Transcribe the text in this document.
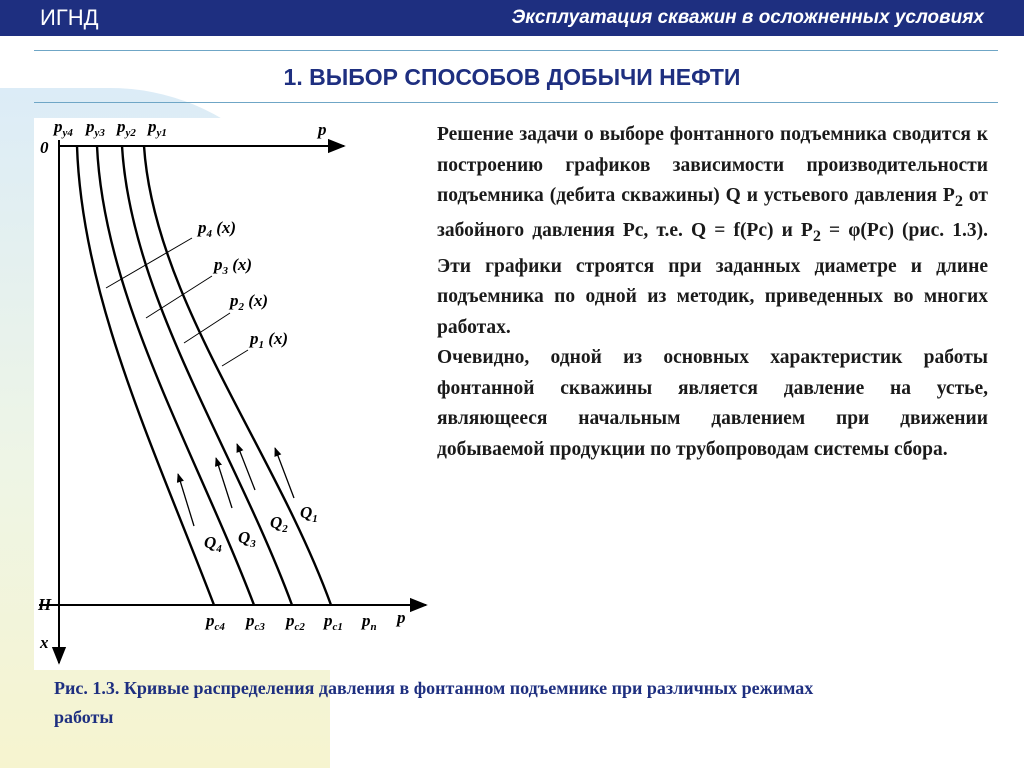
ИГНД	Эксплуатация скважин в осложненных условиях
1. ВЫБОР СПОСОБОВ ДОБЫЧИ НЕФТИ
p
0
H
x
$p_{y4}$ $p_{y3}$ $p_{y2}$ $p_{y1}$
$p_4$ (x)
$p_3$ (x)
$p_2$ (x)
$p_1$ (x)
$Q_4$
$Q_3$
$Q_2$
$Q_1$
$p_{c4}$ $p_{c3}$ $p_{c2}$ $p_{c1}$ $p_n$ p

Решение задачи о выборе фонтанного подъемника сводится к построению графиков зависимости производительности подъемника (дебита скважины) Q и устьевого давления $P_2$ от забойного давления Рс, т.е. Q = f(Рс) и $P_2 = \varphi(Рс)$ (рис. 1.3). Эти графики строятся при заданных диаметре и длине подъемника по одной из методик, приведенных во многих работах.

Очевидно, одной из основных характеристик работы фонтанной скважины является давление на устье, являющееся начальным давлением при движении добываемой продукции по трубопроводам системы сбора.

Рис. 1.3. Кривые распределения давления в фонтанном подъемнике при различных режимах работы
